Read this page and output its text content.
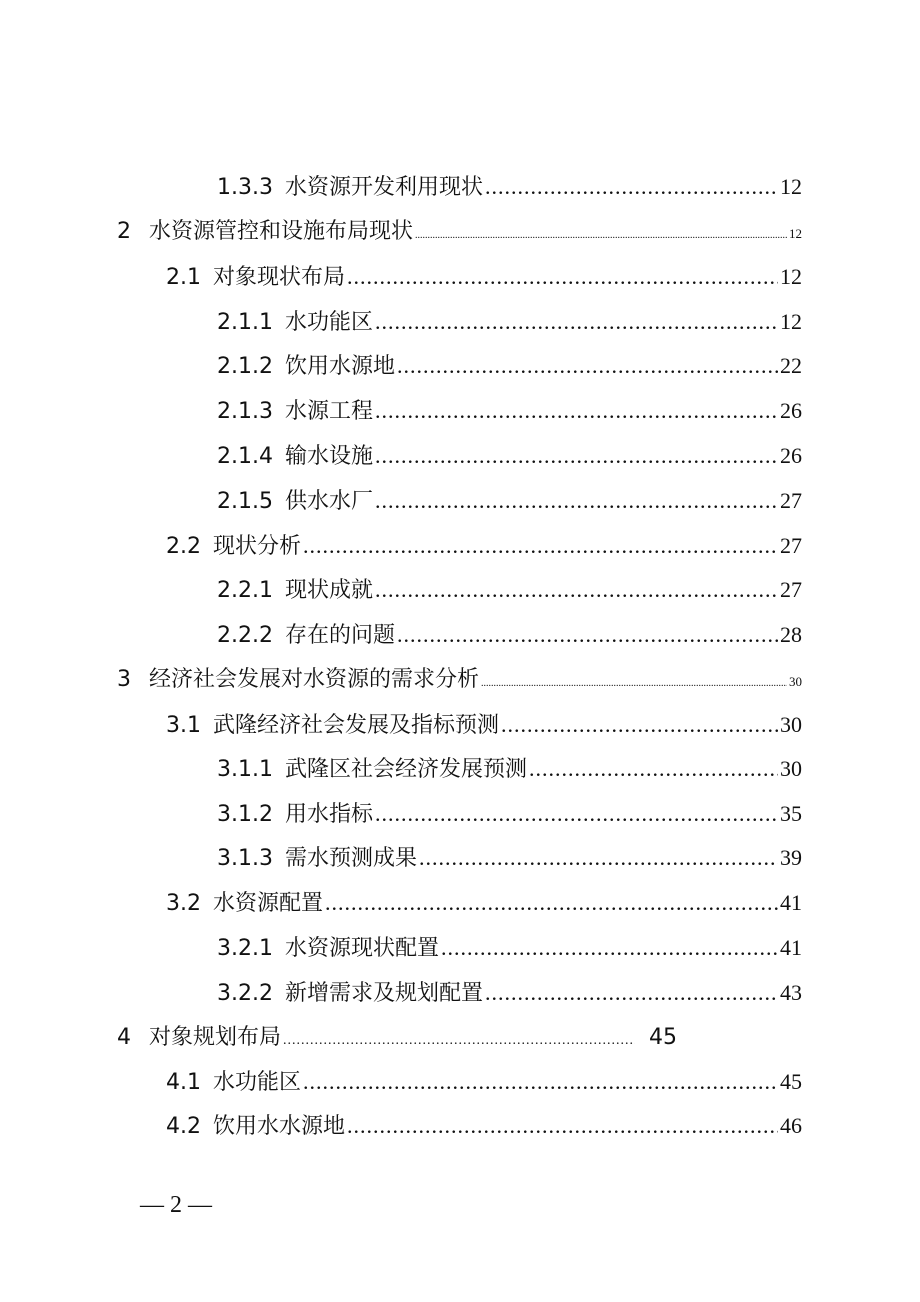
1.3.3 水资源开发利用现状 .....	12
2 水资源管控和设施布局现状 .....	12
2.1 对象现状布局 .....	12
2.1.1 水功能区 .....	12
2.1.2 饮用水源地 .....	22
2.1.3 水源工程 .....	26
2.1.4 输水设施 .....	26
2.1.5 供水水厂 .....	27
2.2 现状分析 .....	27
2.2.1 现状成就 .....	27
2.2.2 存在的问题 .....	28
3 经济社会发展对水资源的需求分析 .....	30
3.1 武隆经济社会发展及指标预测 .....	30
3.1.1 武隆区社会经济发展预测 .....	30
3.1.2 用水指标 .....	35
3.1.3 需水预测成果 .....	39
3.2 水资源配置 .....	41
3.2.1 水资源现状配置 .....	41
3.2.2 新增需求及规划配置 .....	43
4 对象规划布局 .....	45
4.1 水功能区 .....	45
4.2 饮用水水源地 .....	46
— 2 —
